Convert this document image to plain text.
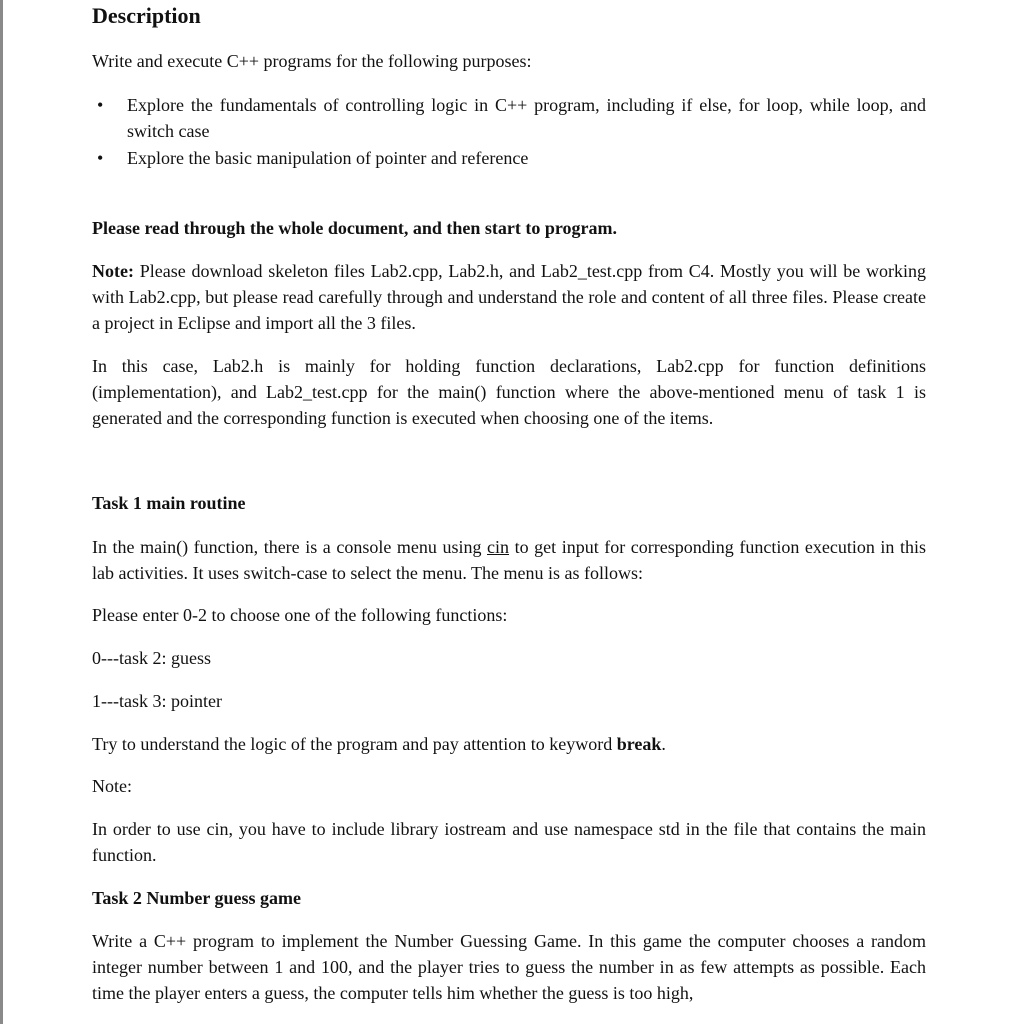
Description

Write and execute C++ programs for the following purposes:

• Explore the fundamentals of controlling logic in C++ program, including if else, for loop, while loop, and switch case
• Explore the basic manipulation of pointer and reference

Please read through the whole document, and then start to program.

Note: Please download skeleton files Lab2.cpp, Lab2.h, and Lab2_test.cpp from C4. Mostly you will be working with Lab2.cpp, but please read carefully through and understand the role and content of all three files. Please create a project in Eclipse and import all the 3 files.

In this case, Lab2.h is mainly for holding function declarations, Lab2.cpp for function definitions (implementation), and Lab2_test.cpp for the main() function where the above-mentioned menu of task 1 is generated and the corresponding function is executed when choosing one of the items.

Task 1 main routine

In the main() function, there is a console menu using cin to get input for corresponding function execution in this lab activities. It uses switch-case to select the menu. The menu is as follows:

Please enter 0-2 to choose one of the following functions:

0---task 2: guess

1---task 3: pointer

Try to understand the logic of the program and pay attention to keyword break.

Note:

In order to use cin, you have to include library iostream and use namespace std in the file that contains the main function.

Task 2 Number guess game

Write a C++ program to implement the Number Guessing Game. In this game the computer chooses a random integer number between 1 and 100, and the player tries to guess the number in as few attempts as possible. Each time the player enters a guess, the computer tells him whether the guess is too high,
